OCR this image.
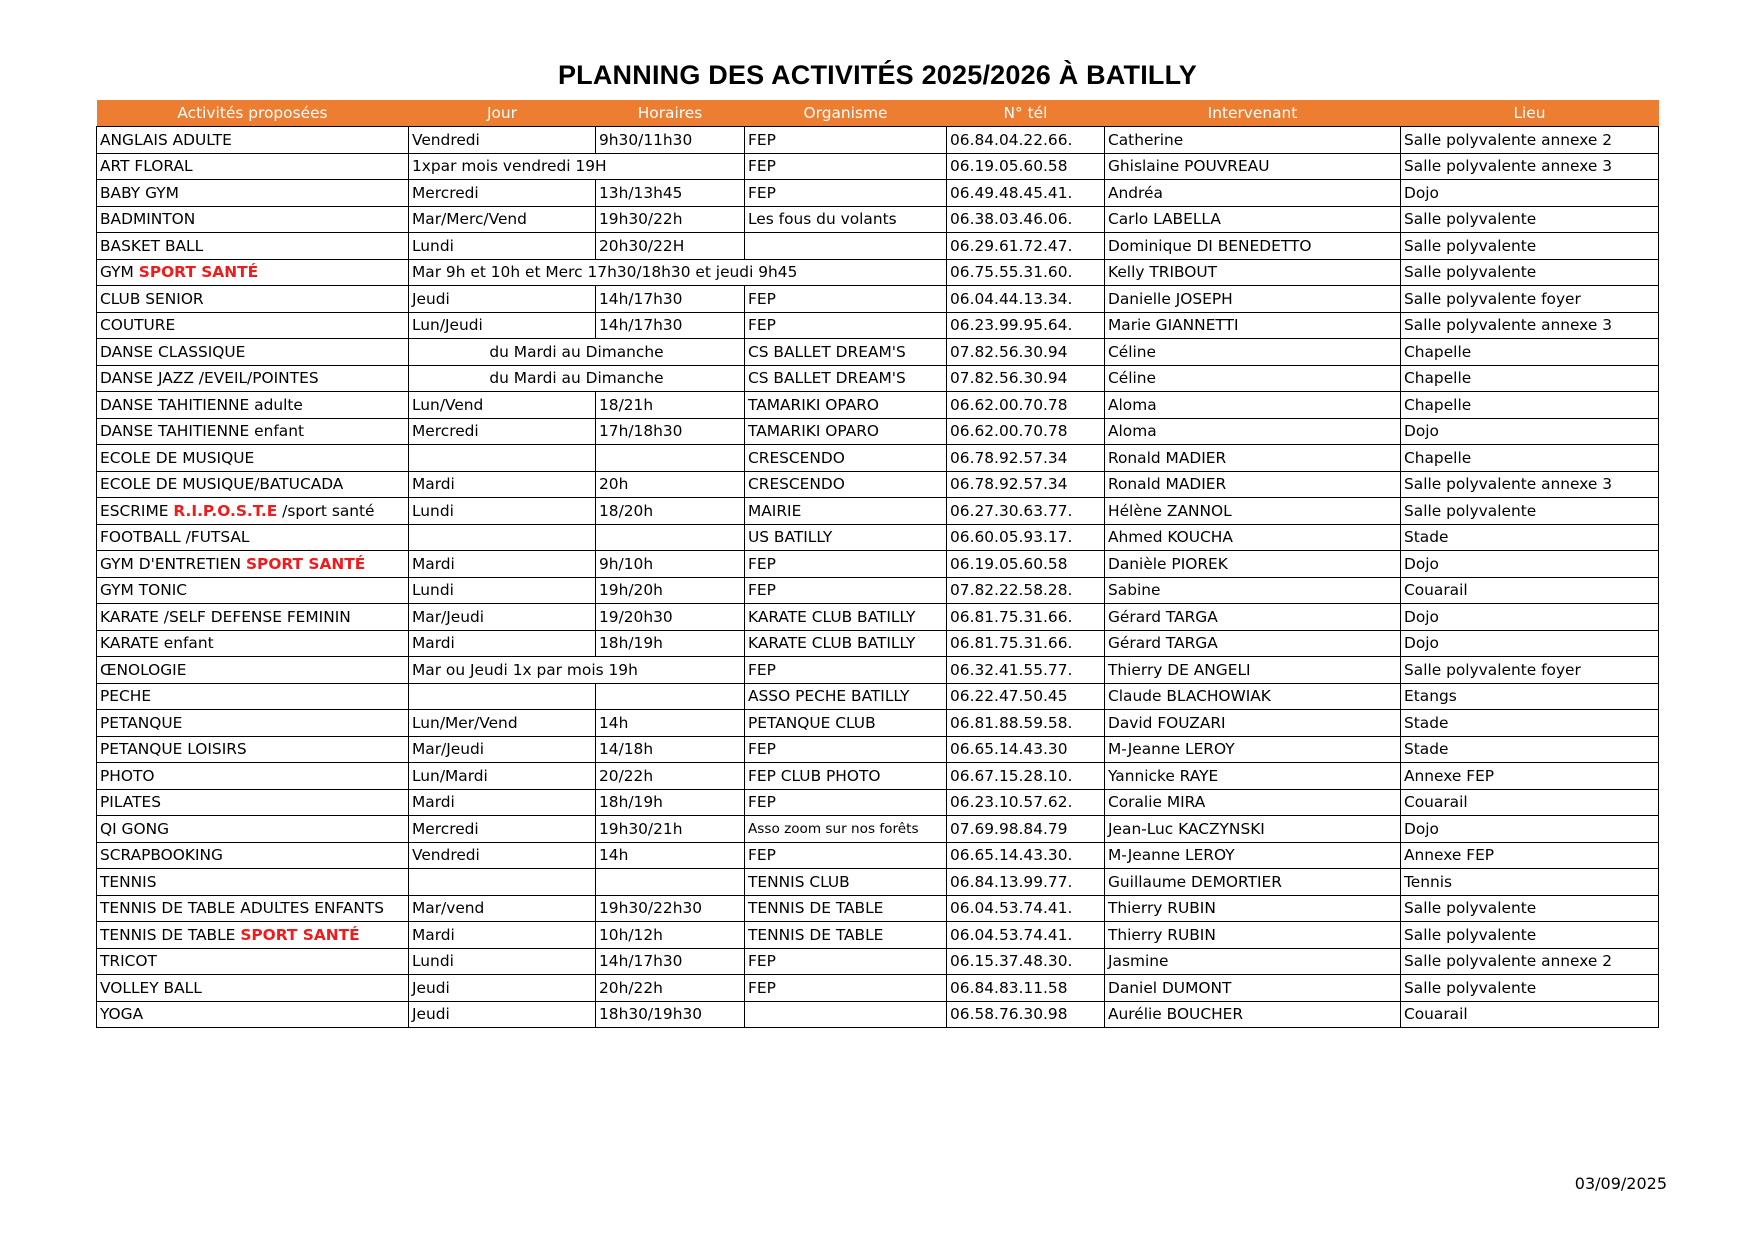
PLANNING DES ACTIVITÉS 2025/2026 À BATILLY
Activités proposées	Jour	Horaires	Organisme	N° tél	Intervenant	Lieu
ANGLAIS ADULTE	Vendredi	9h30/11h30	FEP	06.84.04.22.66.	Catherine	Salle polyvalente annexe 2
ART FLORAL	1xpar mois vendredi 19H		FEP	06.19.05.60.58	Ghislaine POUVREAU	Salle polyvalente annexe 3
BABY GYM	Mercredi	13h/13h45	FEP	06.49.48.45.41.	Andréa	Dojo
BADMINTON	Mar/Merc/Vend	19h30/22h	Les fous du volants	06.38.03.46.06.	Carlo LABELLA	Salle polyvalente
BASKET BALL	Lundi	20h30/22H		06.29.61.72.47.	Dominique DI BENEDETTO	Salle polyvalente
GYM SPORT SANTÉ	Mar 9h et 10h et Merc 17h30/18h30 et jeudi 9h45			06.75.55.31.60.	Kelly TRIBOUT	Salle polyvalente
CLUB SENIOR	Jeudi	14h/17h30	FEP	06.04.44.13.34.	Danielle JOSEPH	Salle polyvalente foyer
COUTURE	Lun/Jeudi	14h/17h30	FEP	06.23.99.95.64.	Marie GIANNETTI	Salle polyvalente annexe 3
DANSE CLASSIQUE	du Mardi au Dimanche		CS BALLET DREAM'S	07.82.56.30.94	Céline	Chapelle
DANSE JAZZ /EVEIL/POINTES	du Mardi au Dimanche		CS BALLET DREAM'S	07.82.56.30.94	Céline	Chapelle
DANSE TAHITIENNE adulte	Lun/Vend	18/21h	TAMARIKI OPARO	06.62.00.70.78	Aloma	Chapelle
DANSE TAHITIENNE enfant	Mercredi	17h/18h30	TAMARIKI OPARO	06.62.00.70.78	Aloma	Dojo
ECOLE DE MUSIQUE			CRESCENDO	06.78.92.57.34	Ronald MADIER	Chapelle
ECOLE DE MUSIQUE/BATUCADA	Mardi	20h	CRESCENDO	06.78.92.57.34	Ronald MADIER	Salle polyvalente annexe 3
ESCRIME R.I.P.O.S.T.E /sport santé	Lundi	18/20h	MAIRIE	06.27.30.63.77.	Hélène ZANNOL	Salle polyvalente
FOOTBALL /FUTSAL			US BATILLY	06.60.05.93.17.	Ahmed KOUCHA	Stade
GYM D'ENTRETIEN SPORT SANTÉ	Mardi	9h/10h	FEP	06.19.05.60.58	Danièle PIOREK	Dojo
GYM TONIC	Lundi	19h/20h	FEP	07.82.22.58.28.	Sabine	Couarail
KARATE /SELF DEFENSE FEMININ	Mar/Jeudi	19/20h30	KARATE CLUB BATILLY	06.81.75.31.66.	Gérard TARGA	Dojo
KARATE enfant	Mardi	18h/19h	KARATE CLUB BATILLY	06.81.75.31.66.	Gérard TARGA	Dojo
ŒNOLOGIE	Mar ou Jeudi 1x par mois 19h		FEP	06.32.41.55.77.	Thierry DE ANGELI	Salle polyvalente foyer
PECHE			ASSO PECHE BATILLY	06.22.47.50.45	Claude BLACHOWIAK	Etangs
PETANQUE	Lun/Mer/Vend	14h	PETANQUE CLUB	06.81.88.59.58.	David FOUZARI	Stade
PETANQUE LOISIRS	Mar/Jeudi	14/18h	FEP	06.65.14.43.30	M-Jeanne LEROY	Stade
PHOTO	Lun/Mardi	20/22h	FEP CLUB PHOTO	06.67.15.28.10.	Yannicke RAYE	Annexe FEP
PILATES	Mardi	18h/19h	FEP	06.23.10.57.62.	Coralie MIRA	Couarail
QI GONG	Mercredi	19h30/21h	Asso zoom sur nos forêts	07.69.98.84.79	Jean-Luc KACZYNSKI	Dojo
SCRAPBOOKING	Vendredi	14h	FEP	06.65.14.43.30.	M-Jeanne LEROY	Annexe FEP
TENNIS			TENNIS CLUB	06.84.13.99.77.	Guillaume DEMORTIER	Tennis
TENNIS DE TABLE ADULTES ENFANTS	Mar/vend	19h30/22h30	TENNIS DE TABLE	06.04.53.74.41.	Thierry RUBIN	Salle polyvalente
TENNIS DE TABLE SPORT SANTÉ	Mardi	10h/12h	TENNIS DE TABLE	06.04.53.74.41.	Thierry RUBIN	Salle polyvalente
TRICOT	Lundi	14h/17h30	FEP	06.15.37.48.30.	Jasmine	Salle polyvalente annexe 2
VOLLEY BALL	Jeudi	20h/22h	FEP	06.84.83.11.58	Daniel DUMONT	Salle polyvalente
YOGA	Jeudi	18h30/19h30		06.58.76.30.98	Aurélie BOUCHER	Couarail
03/09/2025
